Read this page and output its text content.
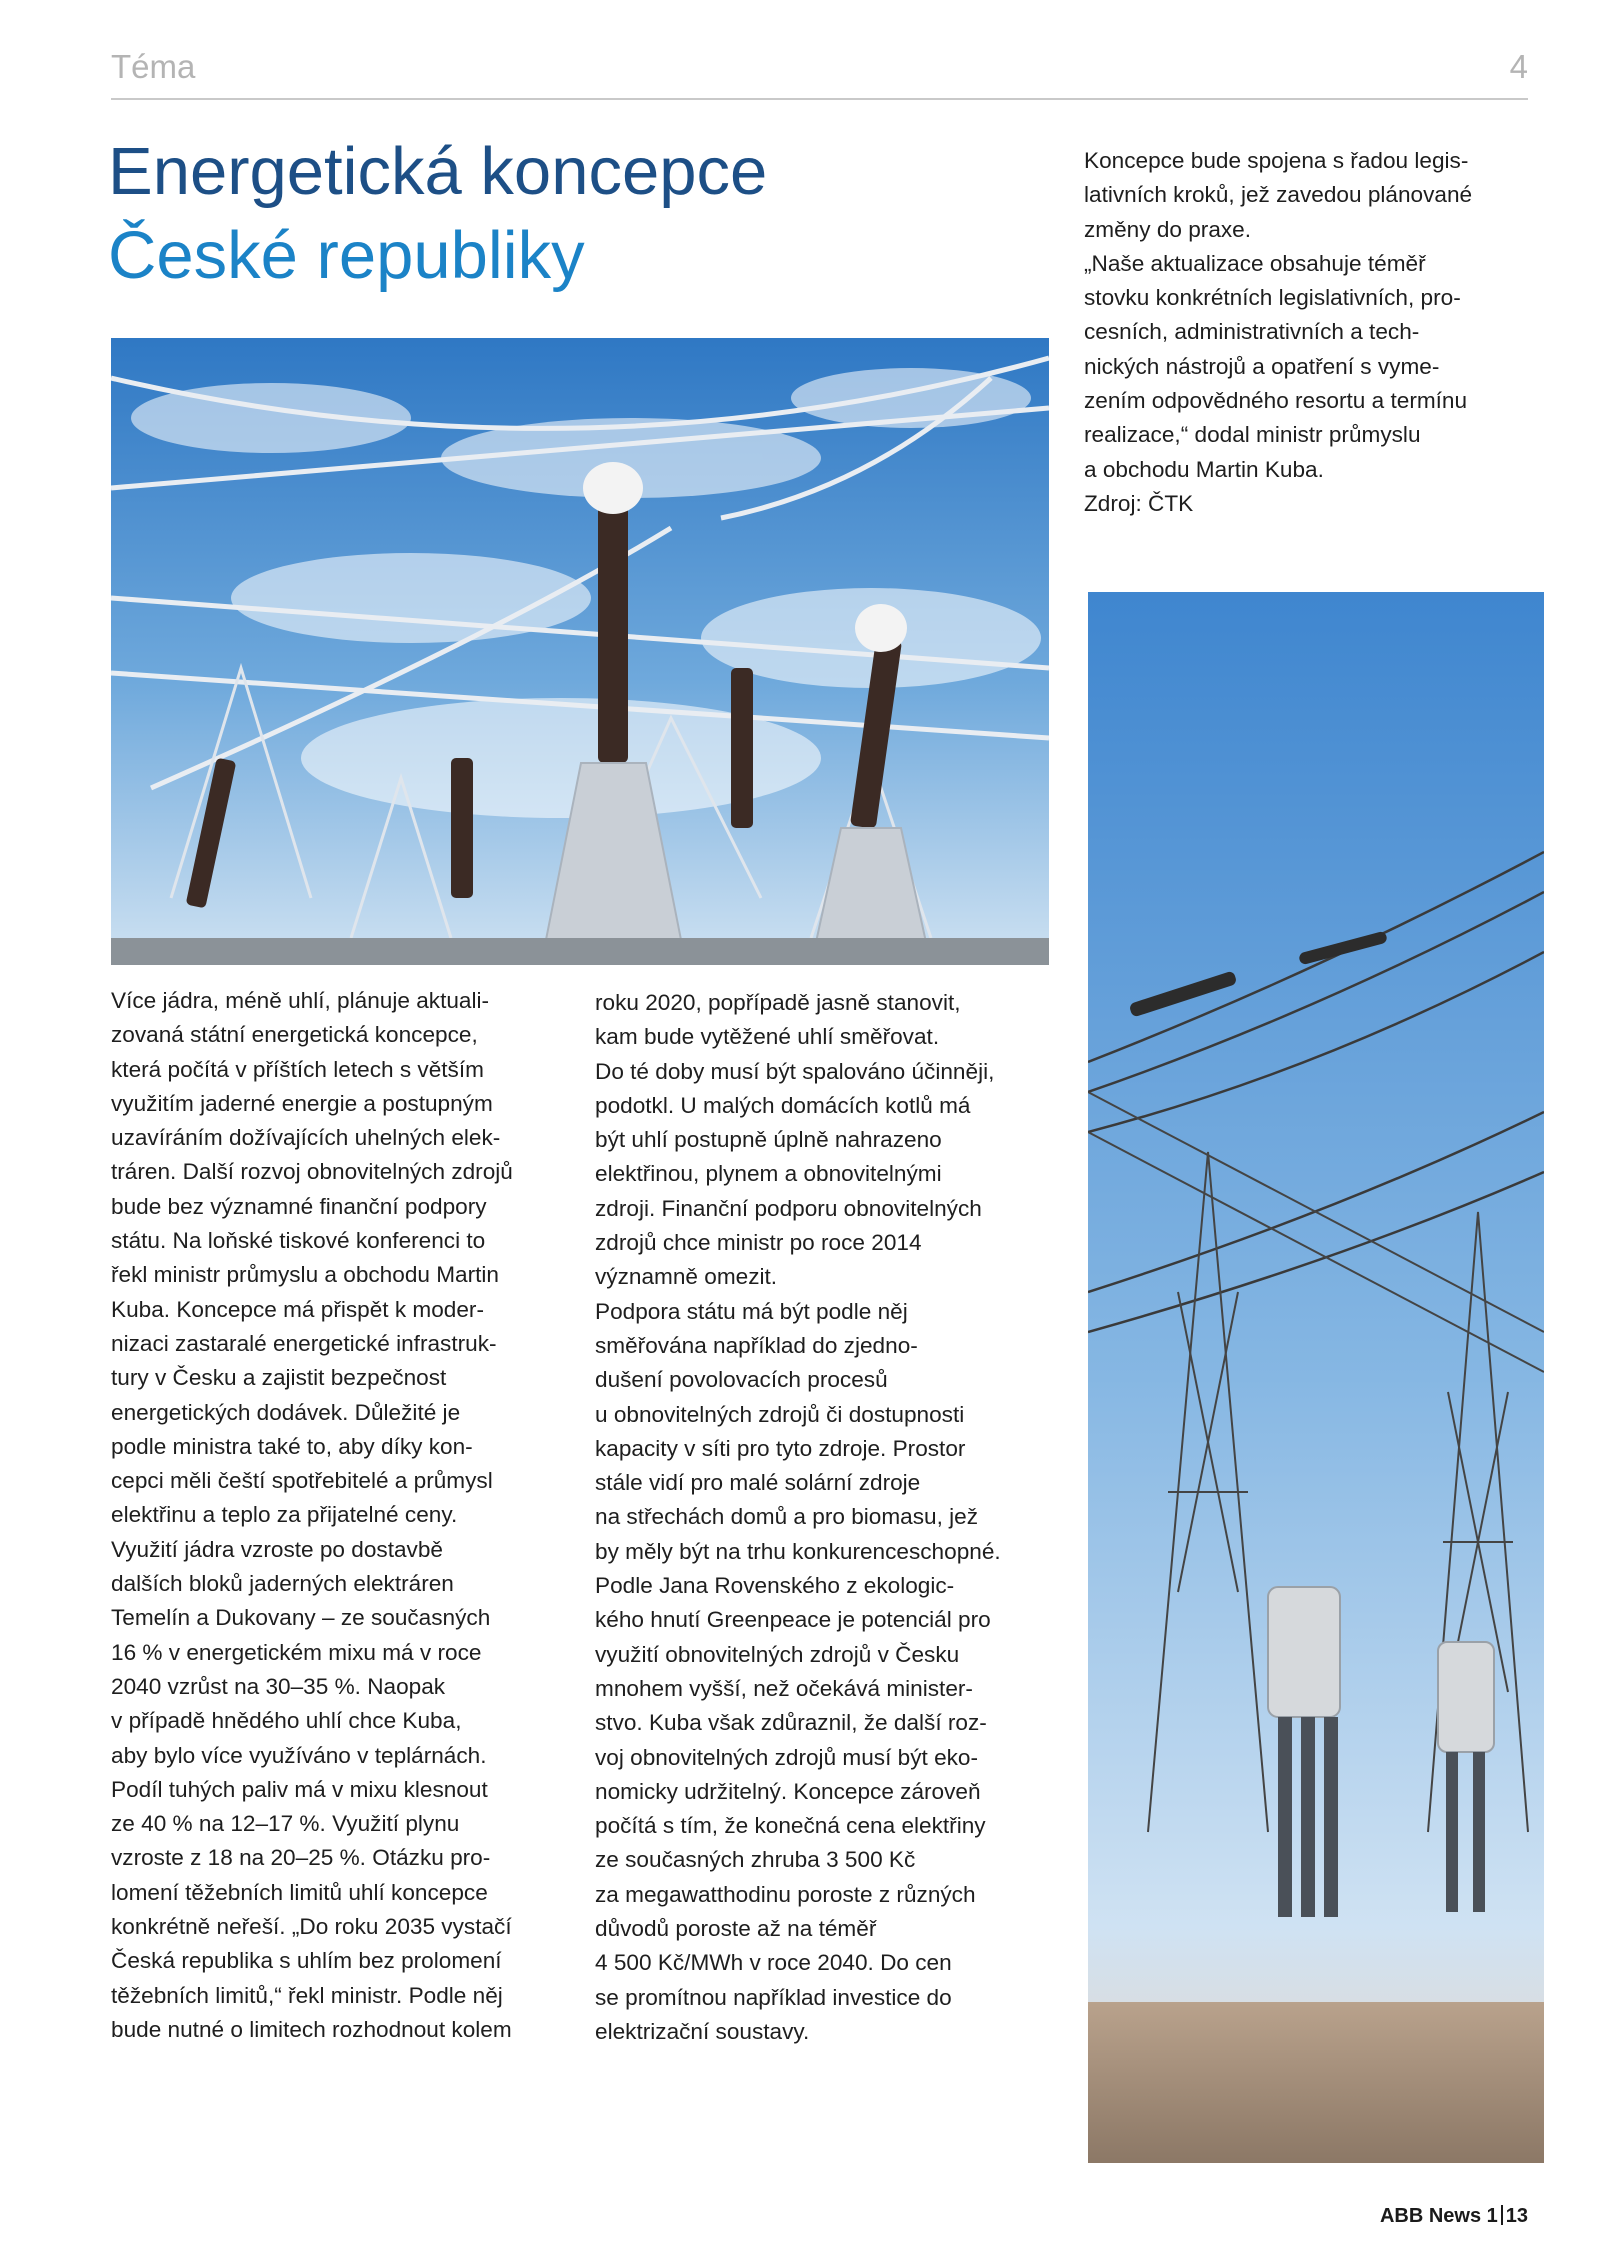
Téma	4
Energetická koncepce
České republiky

Více jádra, méně uhlí, plánuje aktuali-

zovaná státní energetická koncepce,

která počítá v příštích letech s větším

využitím jaderné energie a postupným

uzavíráním dožívajících uhelných elek-

tráren. Další rozvoj obnovitelných zdrojů

bude bez významné finanční podpory

státu. Na loňské tiskové konferenci to

řekl ministr průmyslu a obchodu Martin

Kuba. Koncepce má přispět k moder-

nizaci zastaralé energetické infrastruk-

tury v Česku a zajistit bezpečnost

energetických dodávek. Důležité je

podle ministra také to, aby díky kon-

cepci měli čeští spotřebitelé a průmysl

elektřinu a teplo za přijatelné ceny.

Využití jádra vzroste po dostavbě

dalších bloků jaderných elektráren

Temelín a Dukovany – ze současných

16 % v energetickém mixu má v roce

2040 vzrůst na 30–35 %. Naopak

v případě hnědého uhlí chce Kuba,

aby bylo více využíváno v teplárnách.

Podíl tuhých paliv má v mixu klesnout

ze 40 % na 12–17 %. Využití plynu

vzroste z 18 na 20–25 %. Otázku pro-

lomení těžebních limitů uhlí koncepce

konkrétně neřeší. „Do roku 2035 vystačí

Česká republika s uhlím bez prolomení

těžebních limitů,“ řekl ministr. Podle něj

bude nutné o limitech rozhodnout kolem

roku 2020, popřípadě jasně stanovit,

kam bude vytěžené uhlí směřovat.

Do té doby musí být spalováno účinněji,

podotkl. U malých domácích kotlů má

být uhlí postupně úplně nahrazeno

elektřinou, plynem a obnovitelnými

zdroji. Finanční podporu obnovitelných

zdrojů chce ministr po roce 2014

významně omezit.

Podpora státu má být podle něj

směřována například do zjedno-

dušení povolovacích procesů

u obnovitelných zdrojů či dostupnosti

kapacity v síti pro tyto zdroje. Prostor

stále vidí pro malé solární zdroje

na střechách domů a pro biomasu, jež

by měly být na trhu konkurenceschopné.

Podle Jana Rovenského z ekologic-

kého hnutí Greenpeace je potenciál pro

využití obnovitelných zdrojů v Česku

mnohem vyšší, než očekává minister-

stvo. Kuba však zdůraznil, že další roz-

voj obnovitelných zdrojů musí být eko-

nomicky udržitelný. Koncepce zároveň

počítá s tím, že konečná cena elektřiny

ze současných zhruba 3 500 Kč

za megawatthodinu poroste z různých

důvodů poroste až na téměř

4 500 Kč/MWh v roce 2040. Do cen

se promítnou například investice do

elektrizační soustavy.

Koncepce bude spojena s řadou legis-

lativních kroků, jež zavedou plánované

změny do praxe.

„Naše aktualizace obsahuje téměř

stovku konkrétních legislativních, pro-

cesních, administrativních a tech-

nických nástrojů a opatření s vyme-

zením odpovědného resortu a termínu

realizace,“ dodal ministr průmyslu

a obchodu Martin Kuba.

Zdroj: ČTK

ABB News 1 13
